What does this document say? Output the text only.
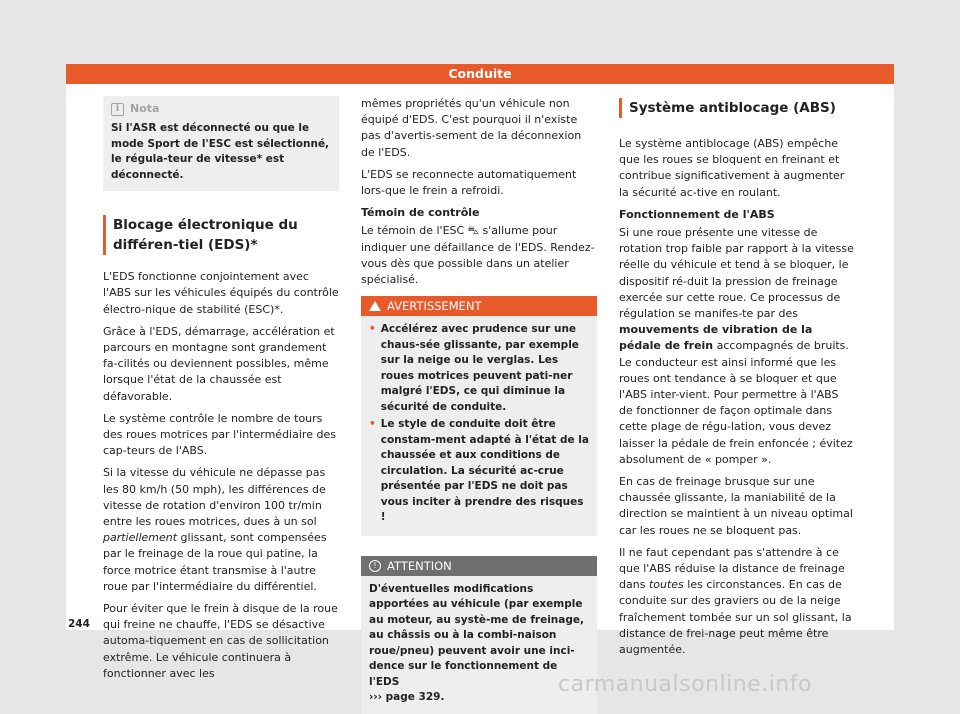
Conduite
i Nota
Si l'ASR est déconnecté ou que le mode Sport de l'ESC est sélectionné, le régula-teur de vitesse* est déconnecté.
Blocage électronique du différen-tiel (EDS)*

L'EDS fonctionne conjointement avec l'ABS sur les véhicules équipés du contrôle électro-nique de stabilité (ESC)*.

Grâce à l'EDS, démarrage, accélération et parcours en montagne sont grandement fa-cilités ou deviennent possibles, même lorsque l'état de la chaussée est défavorable.

Le système contrôle le nombre de tours des roues motrices par l'intermédiaire des cap-teurs de l'ABS.

Si la vitesse du véhicule ne dépasse pas les 80 km/h (50 mph), les différences de vitesse de rotation d'environ 100 tr/min entre les roues motrices, dues à un sol partiellement glissant, sont compensées par le freinage de la roue qui patine, la force motrice étant transmise à l'autre roue par l'intermédiaire du différentiel.

Pour éviter que le frein à disque de la roue qui freine ne chauffe, l'EDS se désactive automa-tiquement en cas de sollicitation extrême. Le véhicule continuera à fonctionner avec les

mêmes propriétés qu'un véhicule non équipé d'EDS. C'est pourquoi il n'existe pas d'avertis-sement de la déconnexion de l'EDS.

L'EDS se reconnecte automatiquement lors-que le frein a refroidi.

Témoin de contrôle

Le témoin de l'ESC ⛍ s'allume pour indiquer une défaillance de l'EDS. Rendez-vous dès que possible dans un atelier spécialisé.

AVERTISSEMENT
• Accélérez avec prudence sur une chaus-sée glissante, par exemple sur la neige ou le verglas. Les roues motrices peuvent pati-ner malgré l'EDS, ce qui diminue la sécurité de conduite.
• Le style de conduite doit être constam-ment adapté à l'état de la chaussée et aux conditions de circulation. La sécurité ac-crue présentée par l'EDS ne doit pas vous inciter à prendre des risques !
! ATTENTION
D'éventuelles modifications apportées au véhicule (par exemple au moteur, au systè-me de freinage, au châssis ou à la combi-naison roue/pneu) peuvent avoir une inci-dence sur le fonctionnement de l'EDS
››› page 329.
Système antiblocage (ABS)

Le système antiblocage (ABS) empêche que les roues se bloquent en freinant et contribue significativement à augmenter la sécurité ac-tive en roulant.

Fonctionnement de l'ABS

Si une roue présente une vitesse de rotation trop faible par rapport à la vitesse réelle du véhicule et tend à se bloquer, le dispositif ré-duit la pression de freinage exercée sur cette roue. Ce processus de régulation se manifes-te par des mouvements de vibration de la pédale de frein accompagnés de bruits. Le conducteur est ainsi informé que les roues ont tendance à se bloquer et que l'ABS inter-vient. Pour permettre à l'ABS de fonctionner de façon optimale dans cette plage de régu-lation, vous devez laisser la pédale de frein enfoncée ; évitez absolument de « pomper ».

En cas de freinage brusque sur une chaussée glissante, la maniabilité de la direction se maintient à un niveau optimal car les roues ne se bloquent pas.

Il ne faut cependant pas s'attendre à ce que l'ABS réduise la distance de freinage dans toutes les circonstances. En cas de conduite sur des graviers ou de la neige fraîchement tombée sur un sol glissant, la distance de frei-nage peut même être augmentée.

244
carmanualsonline.info
